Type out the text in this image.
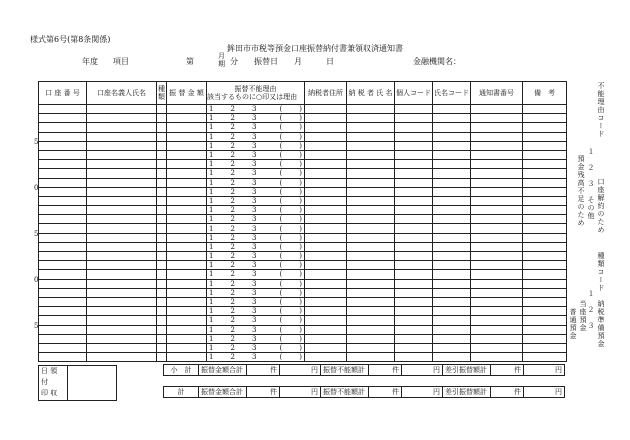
様式第6号(第8条関係)
鉾田市市税等預金口座振替納付書兼領収済通知書
年度 項目	第
月
期 分 振替日 月	日	金融機関名：
口 座 番 号	口座名義人氏名	種類	振 替 金 額	振替不能理由
該当するものに○印又は理由	納税者住所	納 税 者 氏 名	個人コード	氏名コード	通知書番号	備　考

				1 2 3 ( )						

				1 2 3 ( )						

				1 2 3 ( )						

				1 2 3 ( )						

				1 2 3 ( )						

				1 2 3 ( )						

				1 2 3 ( )						

				1 2 3 ( )						

				1 2 3 ( )						

				1 2 3 ( )						

				1 2 3 ( )						

				1 2 3 ( )						

				1 2 3 ( )						

				1 2 3 ( )						

				1 2 3 ( )						

				1 2 3 ( )						

				1 2 3 ( )						

				1 2 3 ( )						

				1 2 3 ( )						

				1 2 3 ( )						

				1 2 3 ( )						

				1 2 3 ( )						

				1 2 3 ( )						

				1 2 3 ( )						

				1 2 3 ( )						

				1 2 3 ( )						

				1 2 3 ( )						

				1 2 3 ( )						

5
0
5
0
5
不能理由コード
１　２　３　その他
預金残高不足のため 口座解約のため
種類コード
１　２　３
普通預金 当座預金 納税準備預金
日 領
付
印 収

小　計	振替金額合計	件	円	振替不能額計	件	円	差引振替額計	件	円
計	振替金額合計	件	円	振替不能額計	件	円	差引振替額計	件	円
